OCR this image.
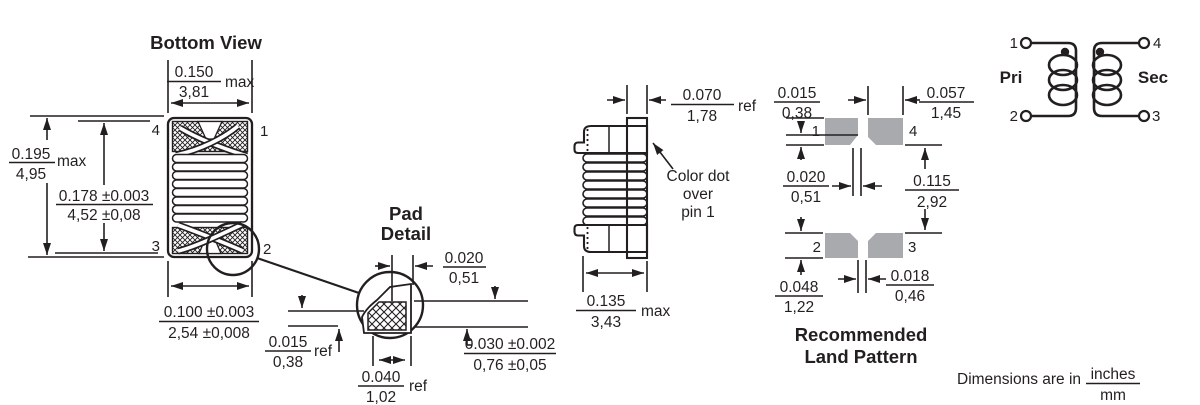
Bottom View
0.150
3,81
max
4	1
3	2
0.195
4,95
max
0.178 ±0.003
4,52 ±0,08
0.100 ±0.003
2,54 ±0,008
Pad
Detail
0.020
0,51
0.015
0,38
ref	0.030 ±0.002
0,76 ±0,05
0.040
1,02
ref
0.070
1,78
ref
Color dot
over
pin 1
0.135
3,43
max
0.015
0,38
0.057
1,45
0.020
0,51
0.115
2,92
0.048
1,22
0.018
0,46
1	4
2	3
Recommended
Land Pattern
1
2
4
3
Pri	Sec
Dimensions are in inches
mm
